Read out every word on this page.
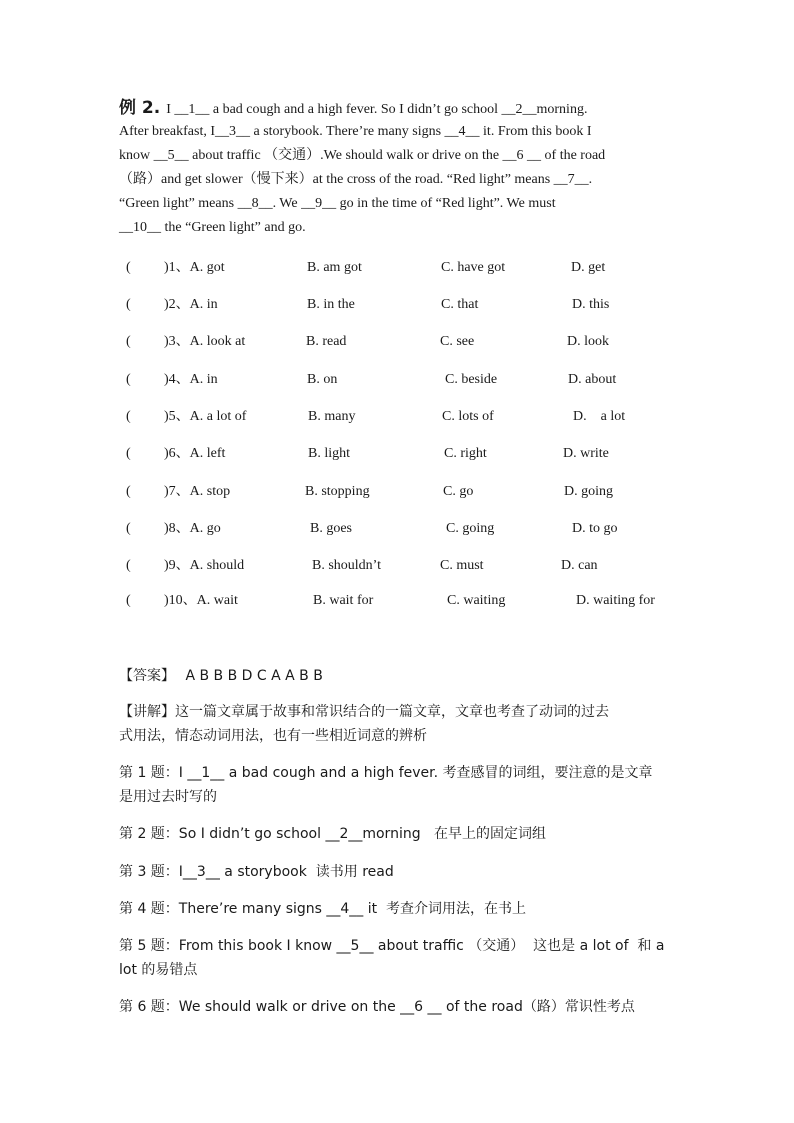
例 2. I __1__ a bad cough and a high fever. So I didn’t go school __2__morning.
After breakfast, I__3__ a storybook. There’re many signs __4__ it. From this book I
know __5__ about traffic （交通）.We should walk or drive on the __6 __ of the road
（路）and get slower（慢下来）at the cross of the road. “Red light” means __7__.
“Green light” means __8__. We __9__ go in the time of “Red light”. We must
__10__ the “Green light” and go.
( )1、A. got	B. am got	C. have got	D. get
( )2、A. in	B. in the	C. that	D. this
( )3、A. look at	B. read	C. see	D. look
( )4、A. in	B. on	C. beside	D. about
( )5、A. a lot of	B. many	C. lots of	D.    a lot
( )6、A. left	B. light	C. right	D. write
( )7、A. stop	B. stopping	C. go	D. going
( )8、A. go	B. goes	C. going	D. to go
( )9、A. should	B. shouldn’t	C. must	D. can
( )10、A. wait	B. wait for	C. waiting	D. waiting for
【答案】 A B B B D C A A B B
【讲解】这一篇文章属于故事和常识结合的一篇文章，文章也考查了动词的过去
式用法，情态动词用法，也有一些相近词意的辨析
第 1 题：I __1__ a bad cough and a high fever. 考查感冒的词组，要注意的是文章
是用过去时写的
第 2 题：So I didn’t go school __2__morning   在早上的固定词组
第 3 题：I__3__ a storybook  读书用 read
第 4 题：There’re many signs __4__ it  考查介词用法，在书上
第 5 题：From this book I know __5__ about traffic （交通）  这也是 a lot of  和 a
lot 的易错点
第 6 题：We should walk or drive on the __6 __ of the road（路）常识性考点
